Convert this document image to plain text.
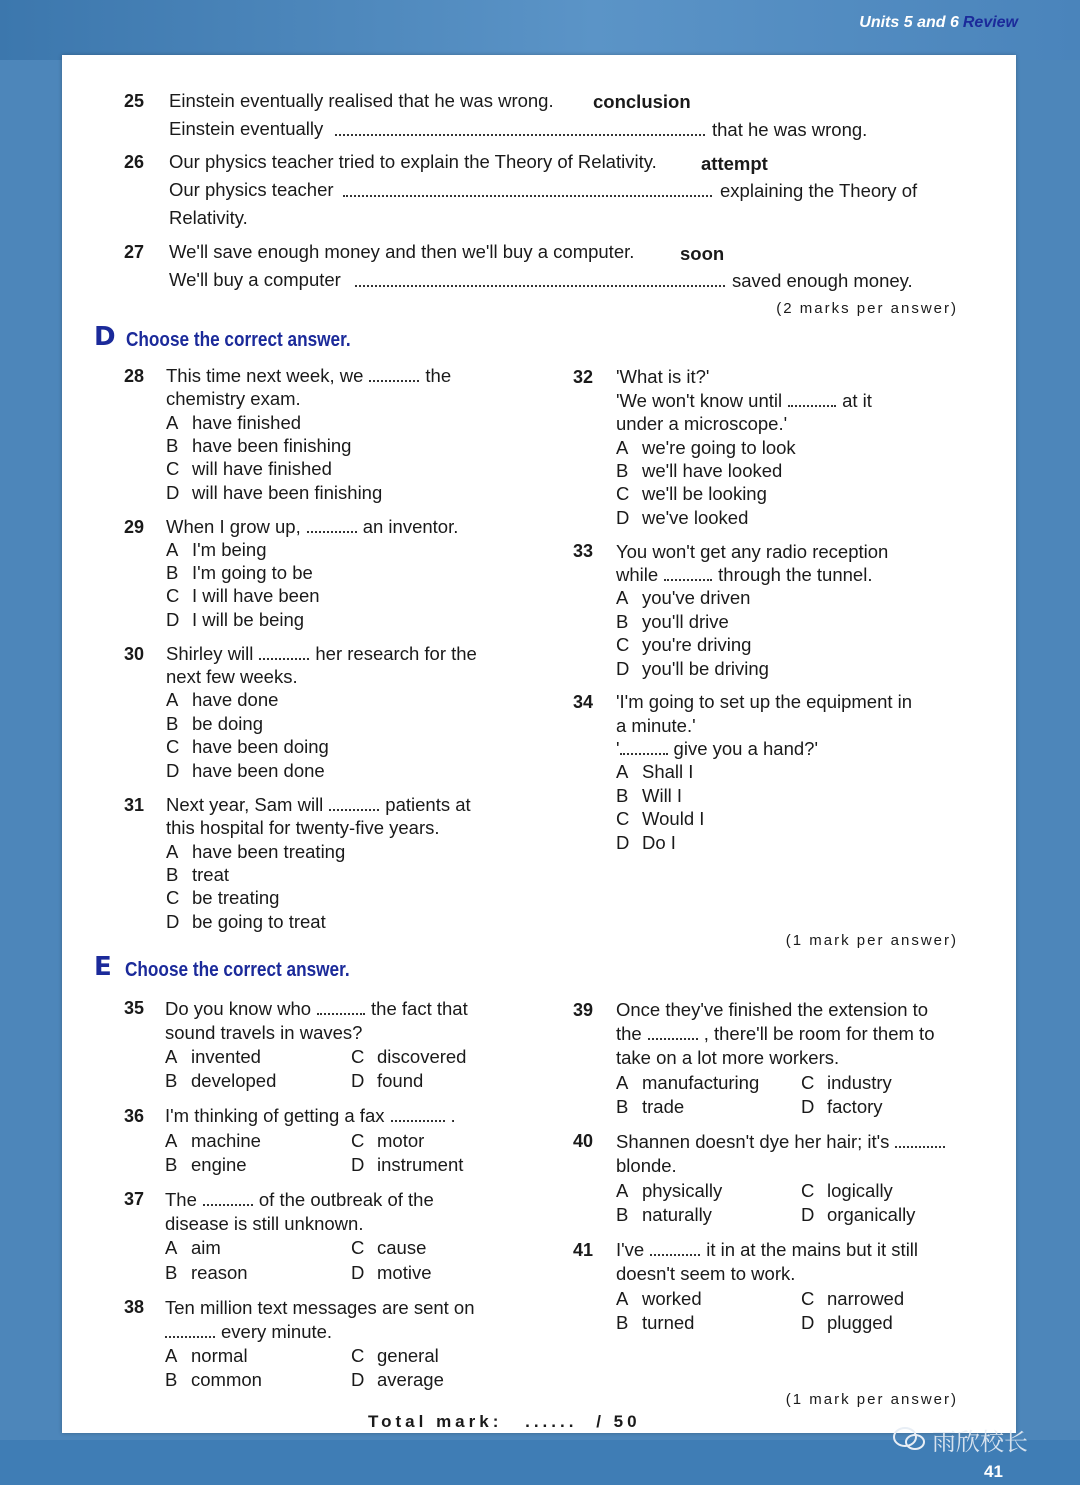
Units 5 and 6 Review
25 Einstein eventually realised that he was wrong. conclusion
Einstein eventually	that he was wrong.
26 Our physics teacher tried to explain the Theory of Relativity. attempt
Our physics teacher	explaining the Theory of
Relativity.
27 We'll save enough money and then we'll buy a computer. soon
We'll buy a computer	saved enough money.
(2 marks per answer)
D Choose the correct answer.
28 This time next week, we	the
chemistry exam.
A have finished
B have been finishing
C will have finished
D will have been finishing
29 When I grow up,	an inventor.
A I'm being
B I'm going to be
C I will have been
D I will be being
30 Shirley will	her research for the
next few weeks.
A have done
B be doing
C have been doing
D have been done
31 Next year, Sam will	patients at
this hospital for twenty-five years.
A have been treating
B treat
C be treating
D be going to treat
32 'What is it?'
'We won't know until	at it
under a microscope.'
A we're going to look
B we'll have looked
C we'll be looking
D we've looked
33 You won't get any radio reception
while	through the tunnel.
A you've driven
B you'll drive
C you're driving
D you'll be driving
34 'I'm going to set up the equipment in
a minute.'
'	give you a hand?'
A Shall I
B Will I
C Would I
D Do I
(1 mark per answer)
E Choose the correct answer.
35 Do you know who	the fact that
sound travels in waves?
A invented	C discovered
B developed	D found
36 I'm thinking of getting a fax	.
A machine	C motor
B engine	D instrument
37 The	of the outbreak of the
disease is still unknown.
A aim	C cause
B reason	D motive
38 Ten million text messages are sent on
every minute.
A normal	C general
B common	D average
39 Once they've finished the extension to
the	, there'll be room for them to
take on a lot more workers.
A manufacturing C industry
B trade	D factory
40 Shannen doesn't dye her hair; it's
blonde.
A physically	C logically
B naturally	D organically
41 I've	it in at the mains but it still
doesn't seem to work.
A worked	C narrowed
B turned	D plugged
(1 mark per answer)
Total mark: ...... / 50
雨欣校长
41
